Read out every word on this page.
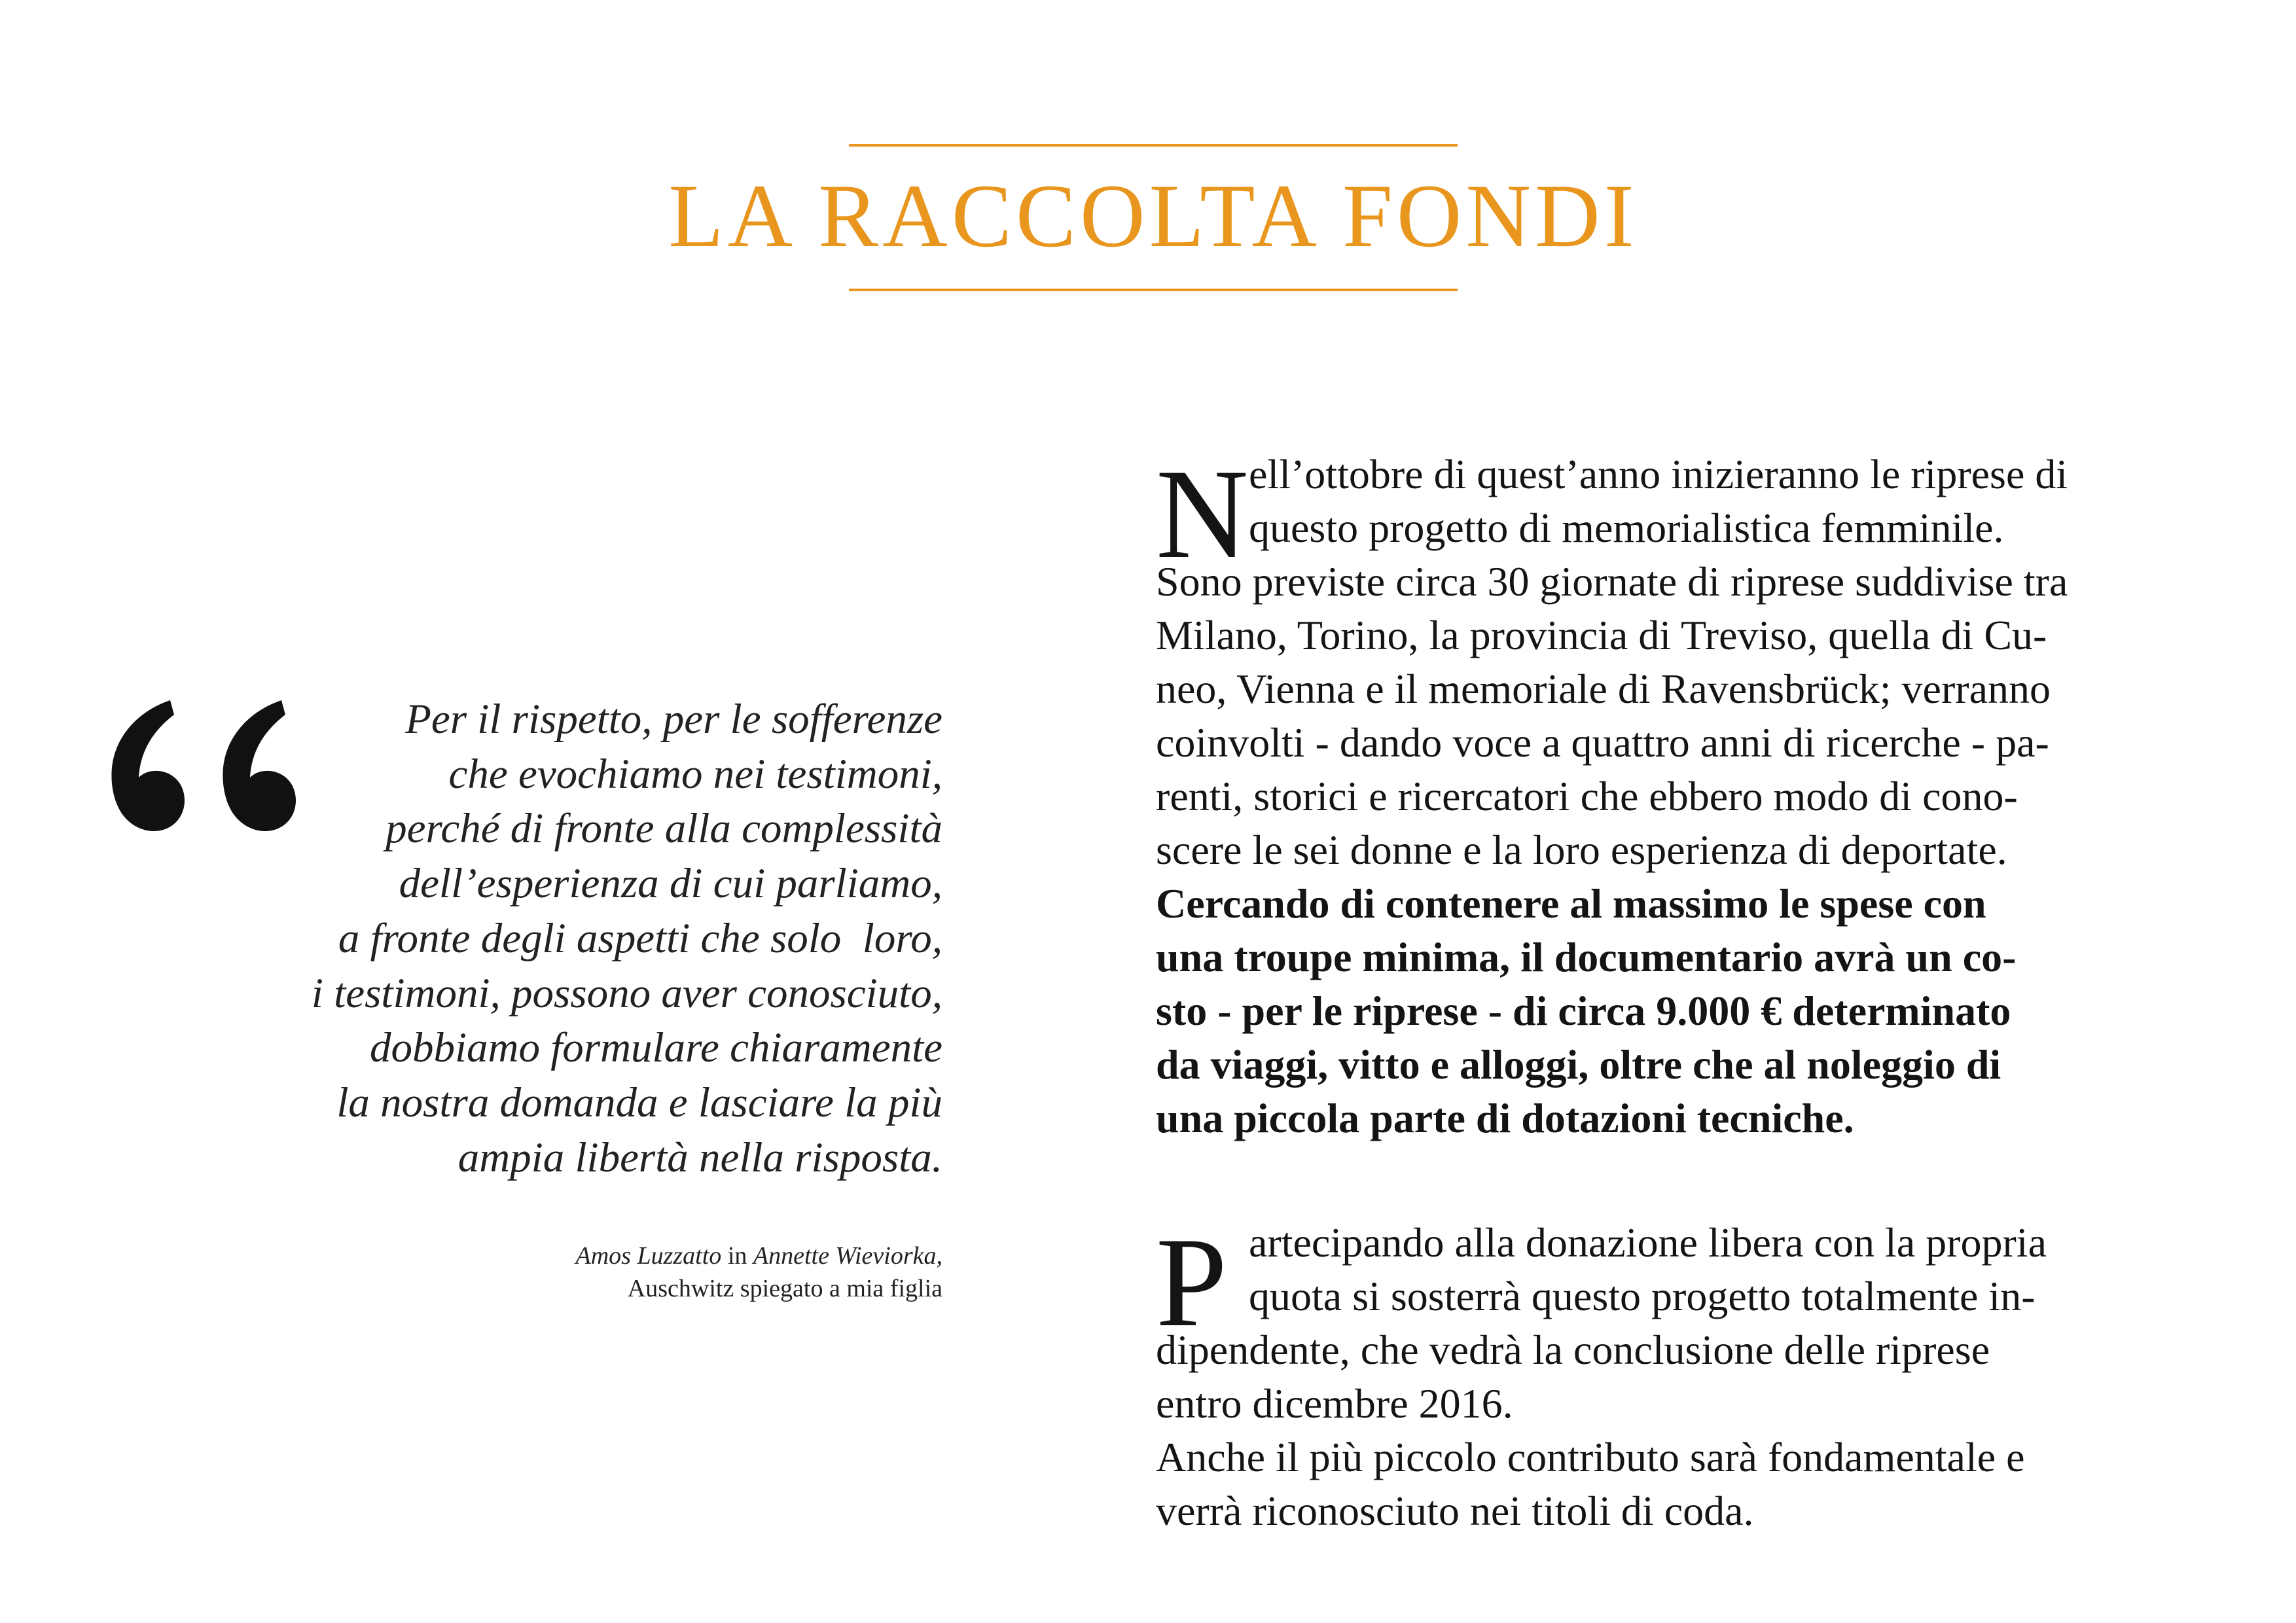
LA RACCOLTA FONDI
Per il rispetto, per le sofferenze
che evochiamo nei testimoni,
perché di fronte alla complessità
dell’esperienza di cui parliamo,
a fronte degli aspetti che solo  loro,
i testimoni, possono aver conosciuto,
dobbiamo formulare chiaramente
la nostra domanda e lasciare la più
ampia libertà nella risposta.
Amos Luzzatto in Annette Wieviorka,
Auschwitz spiegato a mia figlia
N ell’ottobre di quest’anno inizieranno le riprese di
questo progetto di memorialistica femminile.
Sono previste circa 30 giornate di riprese suddivise tra
Milano, Torino, la provincia di Treviso, quella di Cu-
neo, Vienna e il memoriale di Ravensbrück; verranno
coinvolti - dando voce a quattro anni di ricerche - pa-
renti, storici e ricercatori che ebbero modo di cono-
scere le sei donne e la loro esperienza di deportate.
Cercando di contenere al massimo le spese con
una troupe minima, il documentario avrà un co-
sto - per le riprese - di circa 9.000 € determinato
da viaggi, vitto e alloggi, oltre che al noleggio di
una piccola parte di dotazioni tecniche.
P artecipando alla donazione libera con la propria
quota si sosterrà questo progetto totalmente in-
dipendente, che vedrà la conclusione delle riprese
entro dicembre 2016.
Anche il più piccolo contributo sarà fondamentale e
verrà riconosciuto nei titoli di coda.
